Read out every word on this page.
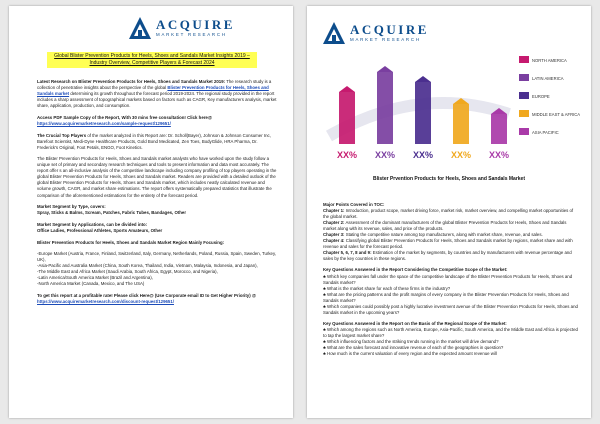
ACQUIRE
MARKET RESEARCH
Global Blister Prevention Products for Heels, Shoes and Sandals Market Insights 2019 – Industry Overview, Competitive Players & Forecast 2024

Latest Research on Blister Prevention Products for Heels, Shoes and Sandals Market 2019: The research study is a collection of penetrative insights about the perspective of the global Blister Prevention Products for Heels, Shoes and Sandals market determining its growth throughout the forecast period 2019-2024. The regional study provided in the report includes a sharp assessment of topographical markets based on factors such as CAGR, Key manufacturers analysis, market share, application, production, and consumption.

Access PDF Sample Copy of the Report, With 30 mins free consultation! Click here@
https://www.acquiremarketresearch.com/sample-request/129651/

The Crucial Top Players of the market analyzed in this Report are: Dr. Scholl(Bayer), Johnson & Johnson Consumer Inc, Barefoot Scientist, Medi-Dyne Healthcare Products, Gold Bond Medicated, Zen Toes, BodyGlide, HRA Pharma, Dr. Frederick's Original, Foot Petals, ENGO, Foot Kinetics.

The Blister Prevention Products for Heels, Shoes and Sandals market analysts who have worked upon the study follow a unique set of primary and secondary research techniques and tools to present information and data most accurately. The report offer s an all-inclusive analysis of the competitive landscape including company profiling of top players operating in the global Blister Prevention Products for Heels, Shoes and Sandals market. Readers are provided with a detailed outlook of the global Blister Prevention Products for Heels, Shoes and Sandals market, which includes neatly calculated revenue and volume growth, CAGR, and market share estimations. The report offers systematically prepared statistics that illustrate the comparison of the aforementioned estimations for the entirety of the forecast period.

Market Segment by Type, covers:
Spray, Sticks & Balms, Scream, Patches, Fabric Tubes, Bandages, Other

Market Segment by Applications, can be divided into:
Office Ladies, Professional Athletes, Sports Amateurs, Other

Blister Prevention Products for Heels, Shoes and Sandals Market Region Mainly Focusing:

-Europe Market (Austria, France, Finland, Switzerland, Italy, Germany, Netherlands, Poland, Russia, Spain, Sweden, Turkey, UK),
-Asia-Pacific and Australia Market (China, South Korea, Thailand, India, Vietnam, Malaysia, Indonesia, and Japan),
-The Middle East and Africa Market (Saudi Arabia, South Africa, Egypt, Morocco, and Nigeria),
-Latin America/South America Market (Brazil and Argentina),
-North America Market (Canada, Mexico, and The USA)

To get this report at a profitable rate! Please click Here@ (Use Corporate email ID to Get Higher Priority) @ https://www.acquiremarketresearch.com/discount-request/129651/

ACQUIRE
MARKET RESEARCH
XX% XX% XX% XX% XX%
NORTH AMERICA
LATIN AMERICA
EUROPE
MIDDLE EAST & AFRICA
ASIA PACIFIC
Blister Prvention Products for Heels, Shoes and Sandals Market
Major Points Covered in TOC:

Chapter 1: Introduction, product scope, market driving force, market risk, market overview, and compelling market opportunities of the global market.
Chapter 2: Assessment of the dominant manufacturers of the global Blister Prevention Products for Heels, Shoes and Sandals market along with its revenue, sales, and price of the products.
Chapter 3: Stating the competitive nature among top manufacturers, along with market share, revenue, and sales.
Chapter 4: Classifying global Blister Prevention Products for Heels, Shoes and Sandals market by regions, market share and with revenue and sales for the forecast period.
Chapter 5, 6, 7, 8 and 9: Estimation of the market by segments, by countries and by manufacturers with revenue percentage and sales by the key countries in these regions.
Key Questions Answered in the Report Considering the Competitive Scope of the Market:
♣ Which key companies fall under the space of the competitive landscape of the Blister Prevention Products for Heels, Shoes and Sandals market?
♣ What is the market share for each of these firms in the industry?
♣ What are the pricing patterns and the profit margins of every company in the Blister Prevention Products for Heels, Shoes and Sandals market?
♣ Which companies could possibly post a highly lucrative investment avenue of the Blister Prevention Products for Heels, Shoes and Sandals market in the upcoming years?
Key Questions Answered in the Report on the Basis of the Regional Scope of the Market:
♣ Which among the regions such as North America, Europe, Asia-Pacific, South America, and the Middle East and Africa is projected to tap the largest market share?
♣ Which influencing factors and the striking trends running in the market will drive demand?
♣ What are the sales forecast and innovative revenue of each of the geographies in question?
♣ How much is the current valuation of every region and the expected amount revenue will
